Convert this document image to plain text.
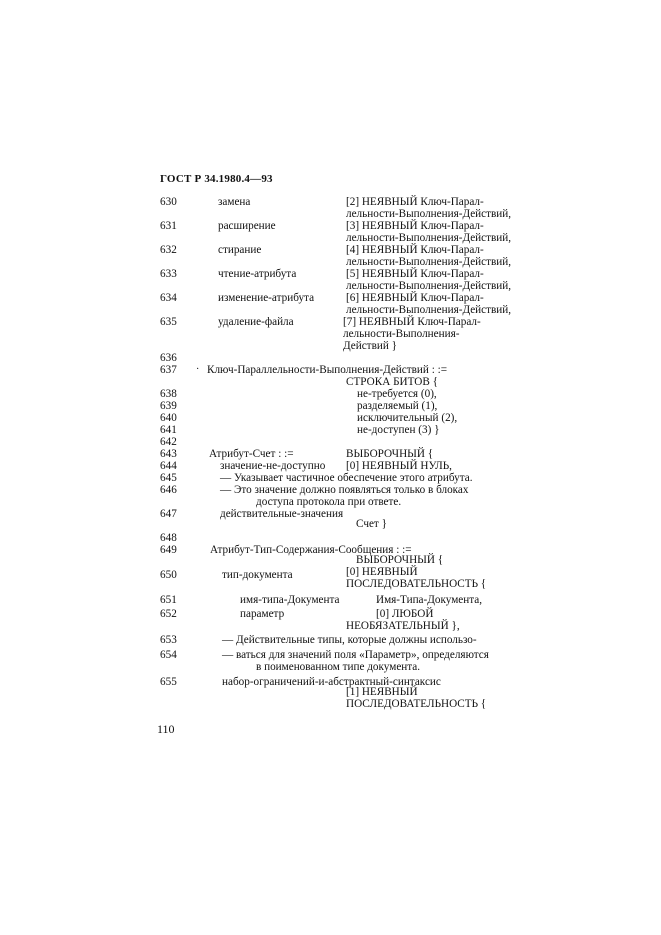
ГОСТ Р 34.1980.4—93
630	замена	[2] НЕЯВНЫЙ Ключ-Парал-
лельности-Выполнения-Действий,
631	расширение	[3] НЕЯВНЫЙ Ключ-Парал-
лельности-Выполнения-Действий,
632	стирание	[4] НЕЯВНЫЙ Ключ-Парал-
лельности-Выполнения-Действий,
633	чтение-атрибута	[5] НЕЯВНЫЙ Ключ-Парал-
лельности-Выполнения-Действий,
634	изменение-атрибута	[6] НЕЯВНЫЙ Ключ-Парал-
лельности-Выполнения-Действий,
635	удаление-файла	[7] НЕЯВНЫЙ Ключ-Парал-
лельности-Выполнения-
Действий }
636
·
637	Ключ-Параллельности-Выполнения-Действий : :=
СТРОКА БИТОВ {
638	не-требуется (0),
639	разделяемый (1),
640	исключительный (2),
641	не-доступен (3) }
642
643	Атрибут-Счет : :=	ВЫБОРОЧНЫЙ {
644	значение-не-доступно [0] НЕЯВНЫЙ НУЛЬ,
645	— Указывает частичное обеспечение этого атрибута.
646	— Это значение должно появляться только в блоках
доступа протокола при ответе.
647	действительные-значения
Счет }
648
649	Атрибут-Тип-Содержания-Сообщения : :=
ВЫБОРОЧНЫЙ {
650	тип-документа	[0] НЕЯВНЫЙ
ПОСЛЕДОВАТЕЛЬНОСТЬ {
651	имя-типа-Документа	Имя-Типа-Документа,
652	параметр	[0] ЛЮБОЙ
НЕОБЯЗАТЕЛЬНЫЙ },
653	— Действительные типы, которые должны использо-
654	— ваться для значений поля «Параметр», определяются
в поименованном типе документа.
655	набор-ограничений-и-абстрактный-синтаксис
[1] НЕЯВНЫЙ
ПОСЛЕДОВАТЕЛЬНОСТЬ {
110
